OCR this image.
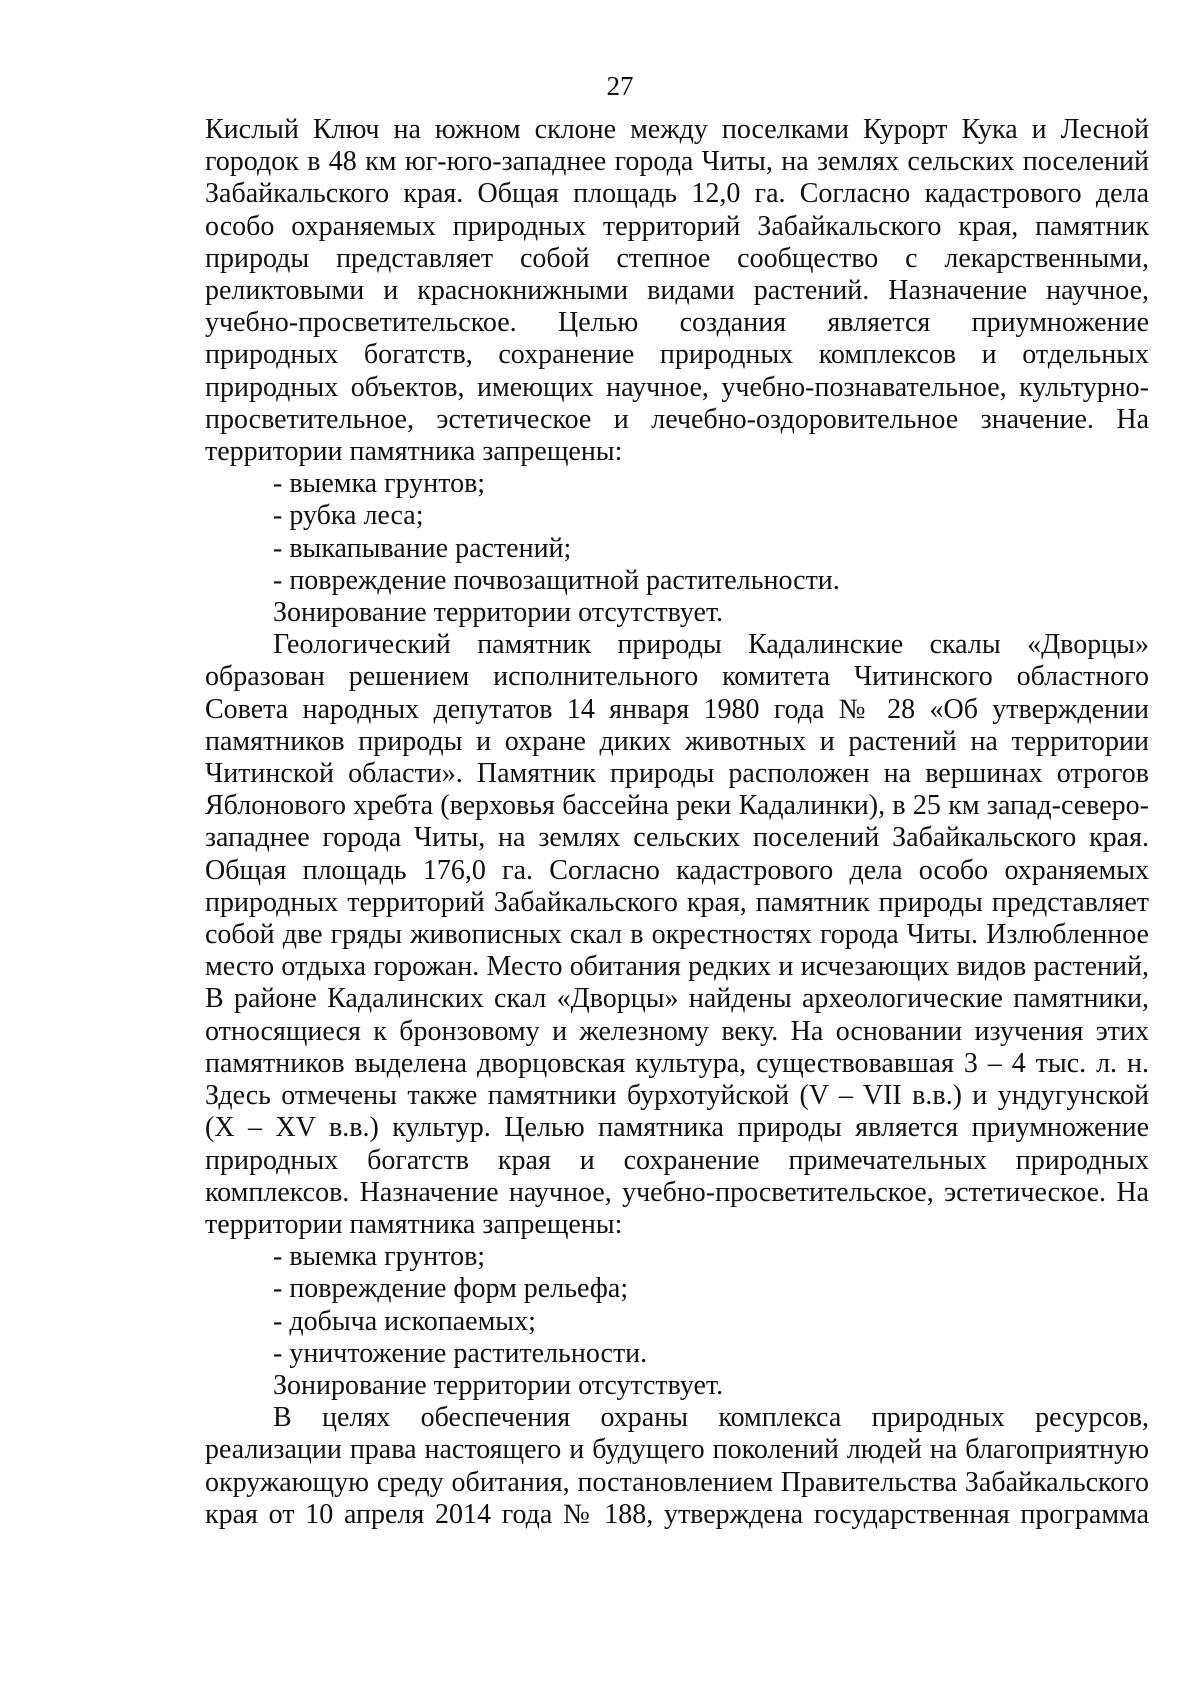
27

Кислый Ключ на южном склоне между поселками Курорт Кука и Лесной городок в 48 км юг-юго-западнее города Читы, на землях сельских поселений Забайкальского края. Общая площадь 12,0 га. Согласно кадастрового дела особо охраняемых природных территорий Забайкальского края, памятник природы представляет собой степное сообщество с лекарственными, реликтовыми и краснокнижными видами растений. Назначение научное, учебно-просветительское. Целью создания является приумножение природных богатств, сохранение природных комплексов и отдельных природных объектов, имеющих научное, учебно-познавательное, культурно-просветительное, эстетическое и лечебно-оздоровительное значение. На территории памятника запрещены:

- выемка грунтов;
- рубка леса;
- выкапывание растений;
- повреждение почвозащитной растительности.

Зонирование территории отсутствует.

Геологический памятник природы Кадалинские скалы «Дворцы» образован решением исполнительного комитета Читинского областного Совета народных депутатов 14 января 1980 года № 28 «Об утверждении памятников природы и охране диких животных и растений на территории Читинской области». Памятник природы расположен на вершинах отрогов Яблонового хребта (верховья бассейна реки Кадалинки), в 25 км запад-северо-западнее города Читы, на землях сельских поселений Забайкальского края. Общая площадь 176,0 га. Согласно кадастрового дела особо охраняемых природных территорий Забайкальского края, памятник природы представляет собой две гряды живописных скал в окрестностях города Читы. Излюбленное место отдыха горожан. Место обитания редких и исчезающих видов растений, В районе Кадалинских скал «Дворцы» найдены археологические памятники, относящиеся к бронзовому и железному веку. На основании изучения этих памятников выделена дворцовская культура, существовавшая 3 – 4 тыс. л. н. Здесь отмечены также памятники бурхотуйской (V – VII в.в.) и ундугунской (X – XV в.в.) культур. Целью памятника природы является приумножение природных богатств края и сохранение примечательных природных комплексов. Назначение научное, учебно-просветительское, эстетическое. На территории памятника запрещены:

- выемка грунтов;
- повреждение форм рельефа;
- добыча ископаемых;
- уничтожение растительности.

Зонирование территории отсутствует.

В целях обеспечения охраны комплекса природных ресурсов, реализации права настоящего и будущего поколений людей на благоприятную окружающую среду обитания, постановлением Правительства Забайкальского края от 10 апреля 2014 года № 188, утверждена государственная программа
